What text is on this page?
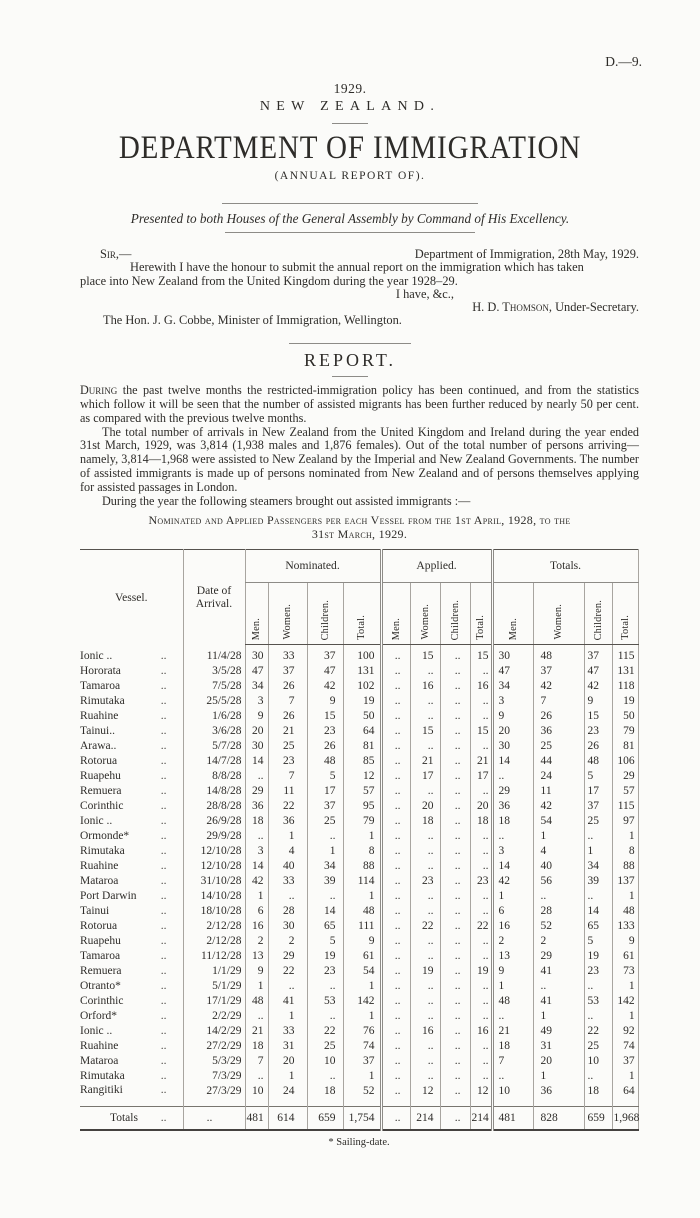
D.—9.
1929.
NEW ZEALAND.
DEPARTMENT OF IMMIGRATION
(ANNUAL REPORT OF).
Presented to both Houses of the General Assembly by Command of His Excellency.
Sir,—	Department of Immigration, 28th May, 1929.
Herewith I have the honour to submit the annual report on the immigration which has taken
place into New Zealand from the United Kingdom during the year 1928–29.
I have, &c.,
H. D. Thomson, Under-Secretary.
The Hon. J. G. Cobbe, Minister of Immigration, Wellington.
REPORT.

During the past twelve months the restricted-immigration policy has been continued, and from the statistics which follow it will be seen that the number of assisted migrants has been further reduced by nearly 50 per cent. as compared with the previous twelve months.

The total number of arrivals in New Zealand from the United Kingdom and Ireland during the year ended 31st March, 1929, was 3,814 (1,938 males and 1,876 females). Out of the total number of persons arriving—namely, 3,814—1,968 were assisted to New Zealand by the Imperial and New Zealand Governments. The number of assisted immigrants is made up of persons nominated from New Zealand and of persons themselves applying for assisted passages in London.

During the year the following steamers brought out assisted immigrants :—

Nominated and Applied Passengers per each Vessel from the 1st April, 1928, to the
31st March, 1929.
Vessel.	Date of Arrival.	Nominated.				Applied.				Totals.			

		Men.	Women.	Children.	Total.	Men.	Women.	Children.	Total.	Men.	Women.	Children.	Total.

Ionic .. ..	11/4/28	30	33	37	100	..	15	..	15	30	48	37	115

Hororata ..	3/5/28	47	37	47	131	..	..	..	..	47	37	47	131

Tamaroa ..	7/5/28	34	26	42	102	..	16	..	16	34	42	42	118

Rimutaka ..	25/5/28	3	7	9	19	..	..	..	..	3	7	9	19

Ruahine ..	1/6/28	9	26	15	50	..	..	..	..	9	26	15	50

Tainui.. ..	3/6/28	20	21	23	64	..	15	..	15	20	36	23	79

Arawa.. ..	5/7/28	30	25	26	81	..	..	..	..	30	25	26	81

Rotorua ..	14/7/28	14	23	48	85	..	21	..	21	14	44	48	106

Ruapehu ..	8/8/28	..	7	5	12	..	17	..	17	..	24	5	29

Remuera ..	14/8/28	29	11	17	57	..	..	..	..	29	11	17	57

Corinthic ..	28/8/28	36	22	37	95	..	20	..	20	36	42	37	115

Ionic .. ..	26/9/28	18	36	25	79	..	18	..	18	18	54	25	97

Ormonde* ..	29/9/28	..	1	..	1	..	..	..	..	..	1	..	1

Rimutaka ..	12/10/28	3	4	1	8	..	..	..	..	3	4	1	8

Ruahine ..	12/10/28	14	40	34	88	..	..	..	..	14	40	34	88

Mataroa ..	31/10/28	42	33	39	114	..	23	..	23	42	56	39	137

Port Darwin ..	14/10/28	1	..	..	1	..	..	..	..	1	..	..	1

Tainui ..	18/10/28	6	28	14	48	..	..	..	..	6	28	14	48

Rotorua ..	2/12/28	16	30	65	111	..	22	..	22	16	52	65	133

Ruapehu ..	2/12/28	2	2	5	9	..	..	..	..	2	2	5	9

Tamaroa ..	11/12/28	13	29	19	61	..	..	..	..	13	29	19	61

Remuera ..	1/1/29	9	22	23	54	..	19	..	19	9	41	23	73

Otranto* ..	5/1/29	1	..	..	1	..	..	..	..	1	..	..	1

Corinthic ..	17/1/29	48	41	53	142	..	..	..	..	48	41	53	142

Orford* ..	2/2/29	..	1	..	1	..	..	..	..	..	1	..	1

Ionic .. ..	14/2/29	21	33	22	76	..	16	..	16	21	49	22	92

Ruahine ..	27/2/29	18	31	25	74	..	..	..	..	18	31	25	74

Mataroa ..	5/3/29	7	20	10	37	..	..	..	..	7	20	10	37

Rimutaka ..	7/3/29	..	1	..	1	..	..	..	..	..	1	..	1

Rangitiki ..	27/3/29	10	24	18	52	..	12	..	12	10	36	18	64

Totals ..	..	481	614	659	1,754	..	214	..	214	481	828	659	1,968
* Sailing-date.
